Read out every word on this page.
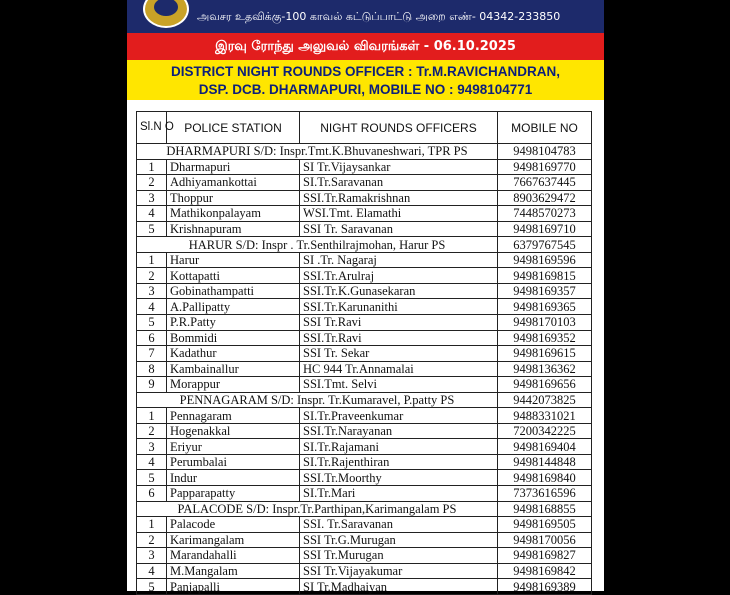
அவசர உதவிக்கு-100 காவல் கட்டுப்பாட்டு அறை எண்- 04342-233850
இரவு ரோந்து அலுவல் விவரங்கள் - 06.10.2025
DISTRICT NIGHT ROUNDS OFFICER : Tr.M.RAVICHANDRAN,
DSP. DCB. DHARMAPURI, MOBILE NO : 9498104771
Sl.N O	POLICE STATION	NIGHT ROUNDS OFFICERS	MOBILE NO
DHARMAPURI S/D: Inspr.Tmt.K.Bhuvaneshwari, TPR PS			9498104783
1	Dharmapuri	SI Tr.Vijaysankar	9498169770
2	Adhiyamankottai	SI.Tr.Saravanan	7667637445
3	Thoppur	SSI.Tr.Ramakrishnan	8903629472
4	Mathikonpalayam	WSI.Tmt. Elamathi	7448570273
5	Krishnapuram	SSI Tr. Saravanan	9498169710
HARUR S/D: Inspr . Tr.Senthilrajmohan, Harur PS			6379767545
1	Harur	SI .Tr. Nagaraj	9498169596
2	Kottapatti	SSI.Tr.Arulraj	9498169815
3	Gobinathampatti	SSI.Tr.K.Gunasekaran	9498169357
4	A.Pallipatty	SSI.Tr.Karunanithi	9498169365
5	P.R.Patty	SSI Tr.Ravi	9498170103
6	Bommidi	SSI.Tr.Ravi	9498169352
7	Kadathur	SSI Tr. Sekar	9498169615
8	Kambainallur	HC 944 Tr.Annamalai	9498136362
9	Morappur	SSI.Tmt. Selvi	9498169656
PENNAGARAM S/D: Inspr. Tr.Kumaravel, P.patty PS			9442073825
1	Pennagaram	SI.Tr.Praveenkumar	9488331021
2	Hogenakkal	SSI.Tr.Narayanan	7200342225
3	Eriyur	SI.Tr.Rajamani	9498169404
4	Perumbalai	SI.Tr.Rajenthiran	9498144848
5	Indur	SSI.Tr.Moorthy	9498169840
6	Papparapatty	SI.Tr.Mari	7373616596
PALACODE S/D: Inspr.Tr.Parthipan,Karimangalam PS			9498168855
1	Palacode	SSI. Tr.Saravanan	9498169505
2	Karimangalam	SSI Tr.G.Murugan	9498170056
3	Marandahalli	SSI Tr.Murugan	9498169827
4	M.Mangalam	SSI Tr.Vijayakumar	9498169842
5	Panjapalli	SI Tr.Madhaiyan	9498169389
